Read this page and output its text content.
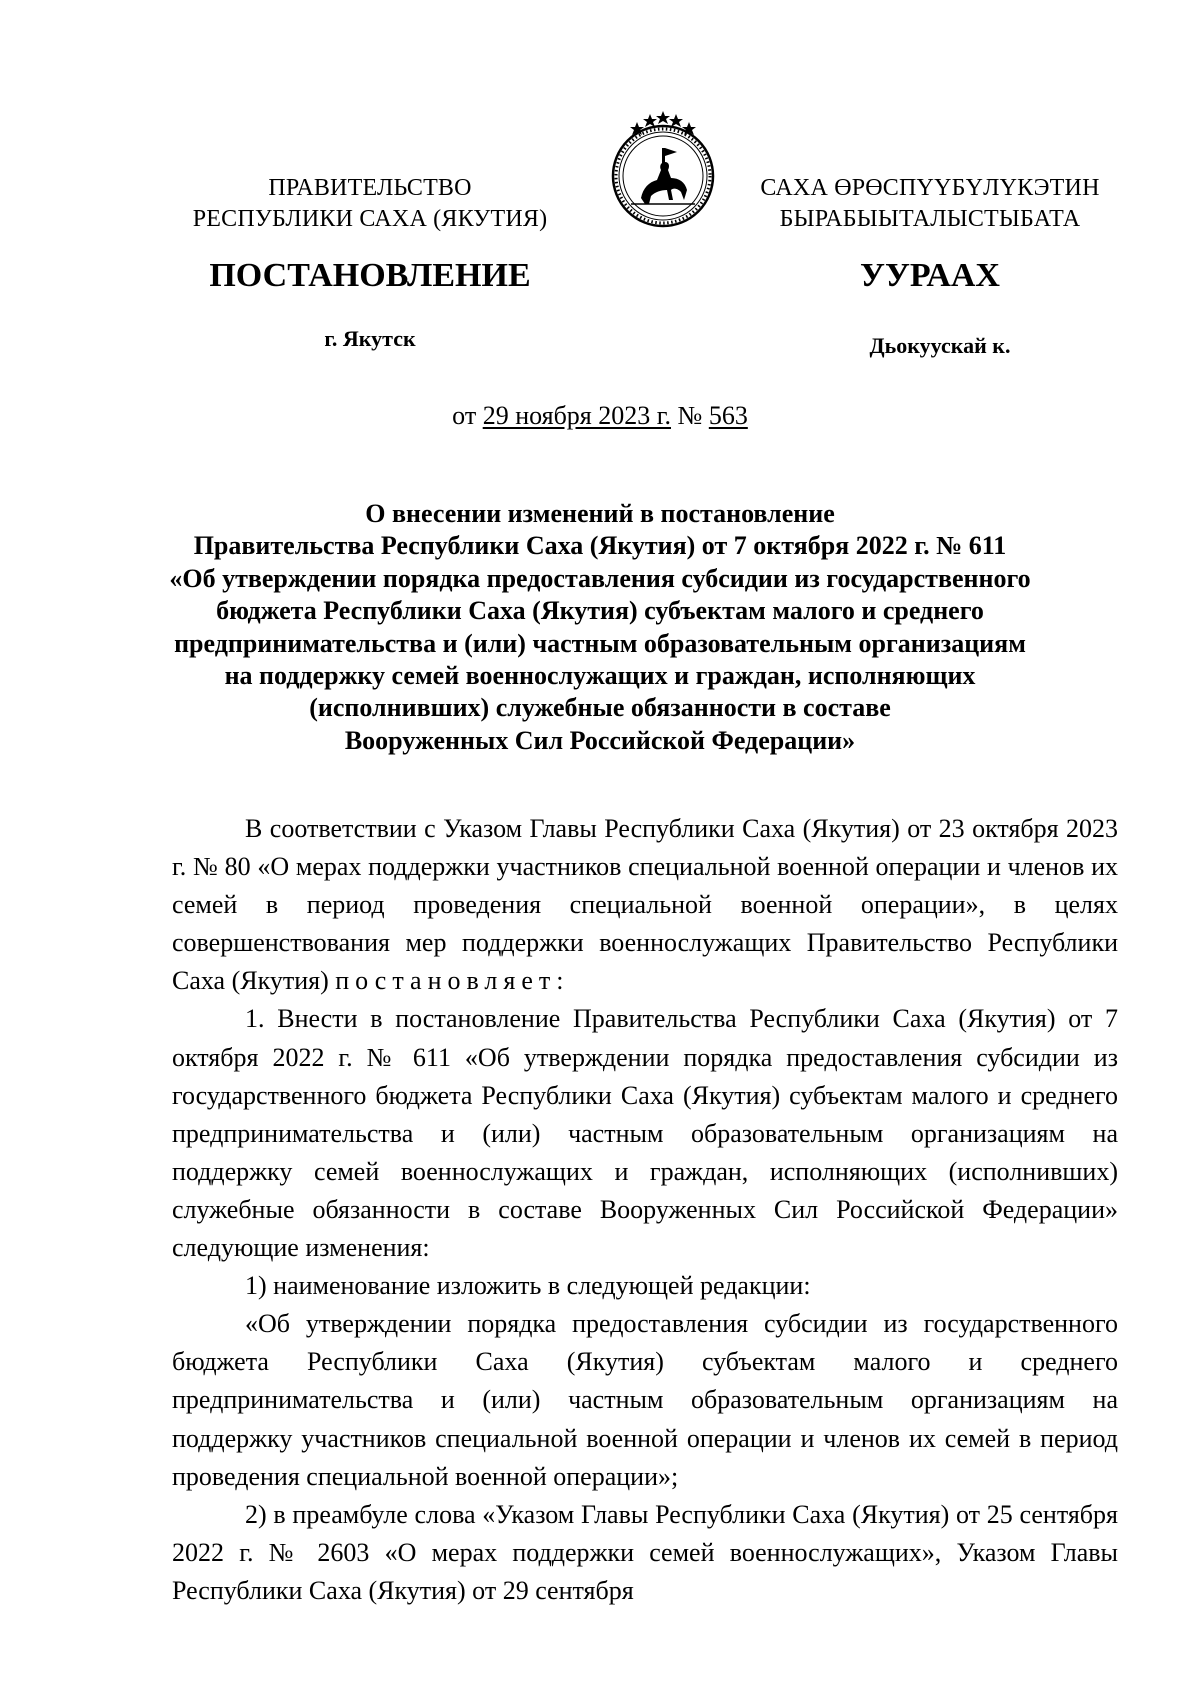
ПРАВИТЕЛЬСТВО
РЕСПУБЛИКИ САХА (ЯКУТИЯ)
САХА ӨРӨСПҮҮБҮЛҮКЭТИН
БЫРАБЫЫТАЛЫСТЫБАТА
ПОСТАНОВЛЕНИЕ	УУРААХ
г. Якутск	Дьокуускай к.
от 29 ноября 2023 г. № 563
О внесении изменений в постановление
Правительства Республики Саха (Якутия) от 7 октября 2022 г. № 611
«Об утверждении порядка предоставления субсидии из государственного
бюджета Республики Саха (Якутия) субъектам малого и среднего
предпринимательства и (или) частным образовательным организациям
на поддержку семей военнослужащих и граждан, исполняющих
(исполнивших) служебные обязанности в составе
Вооруженных Сил Российской Федерации»

В соответствии с Указом Главы Республики Саха (Якутия) от 23 октября 2023 г. № 80 «О мерах поддержки участников специальной военной операции и членов их семей в период проведения специальной военной операции», в целях совершенствования мер поддержки военнослужащих Правительство Республики Саха (Якутия) постановляет:

1. Внести в постановление Правительства Республики Саха (Якутия) от 7 октября 2022 г. № 611 «Об утверждении порядка предоставления субсидии из государственного бюджета Республики Саха (Якутия) субъектам малого и среднего предпринимательства и (или) частным образовательным организациям на поддержку семей военнослужащих и граждан, исполняющих (исполнивших) служебные обязанности в составе Вооруженных Сил Российской Федерации» следующие изменения:

1) наименование изложить в следующей редакции:

«Об утверждении порядка предоставления субсидии из государственного бюджета Республики Саха (Якутия) субъектам малого и среднего предпринимательства и (или) частным образовательным организациям на поддержку участников специальной военной операции и членов их семей в период проведения специальной военной операции»;

2) в преамбуле слова «Указом Главы Республики Саха (Якутия) от 25 сентября 2022 г. № 2603 «О мерах поддержки семей военнослужащих», Указом Главы Республики Саха (Якутия) от 29 сентября
